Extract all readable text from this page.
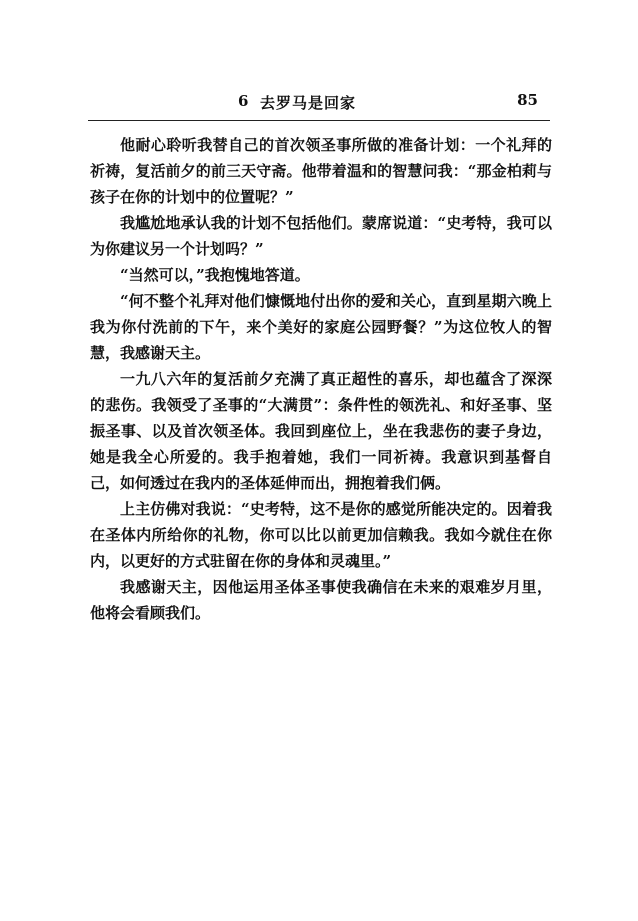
6 去罗马是回家	85

他耐心聆听我替自己的首次领圣事所做的准备计划：一个礼拜的祈祷，复活前夕的前三天守斋。他带着温和的智慧问我：“那金柏莉与孩子在你的计划中的位置呢？”

我尴尬地承认我的计划不包括他们。蒙席说道：“史考特，我可以为你建议另一个计划吗？”

“当然可以，”我抱愧地答道。

“何不整个礼拜对他们慷慨地付出你的爱和关心，直到星期六晚上我为你付洗前的下午，来个美好的家庭公园野餐？”为这位牧人的智慧，我感谢天主。

一九八六年的复活前夕充满了真正超性的喜乐，却也蕴含了深深的悲伤。我领受了圣事的“大满贯”：条件性的领洗礼、和好圣事、坚振圣事、以及首次领圣体。我回到座位上，坐在我悲伤的妻子身边，她是我全心所爱的。我手抱着她，我们一同祈祷。我意识到基督自己，如何透过在我内的圣体延伸而出，拥抱着我们俩。

上主仿佛对我说：“史考特，这不是你的感觉所能决定的。因着我在圣体内所给你的礼物，你可以比以前更加信赖我。我如今就住在你内，以更好的方式驻留在你的身体和灵魂里。”

我感谢天主，因他运用圣体圣事使我确信在未来的艰难岁月里，他将会看顾我们。
